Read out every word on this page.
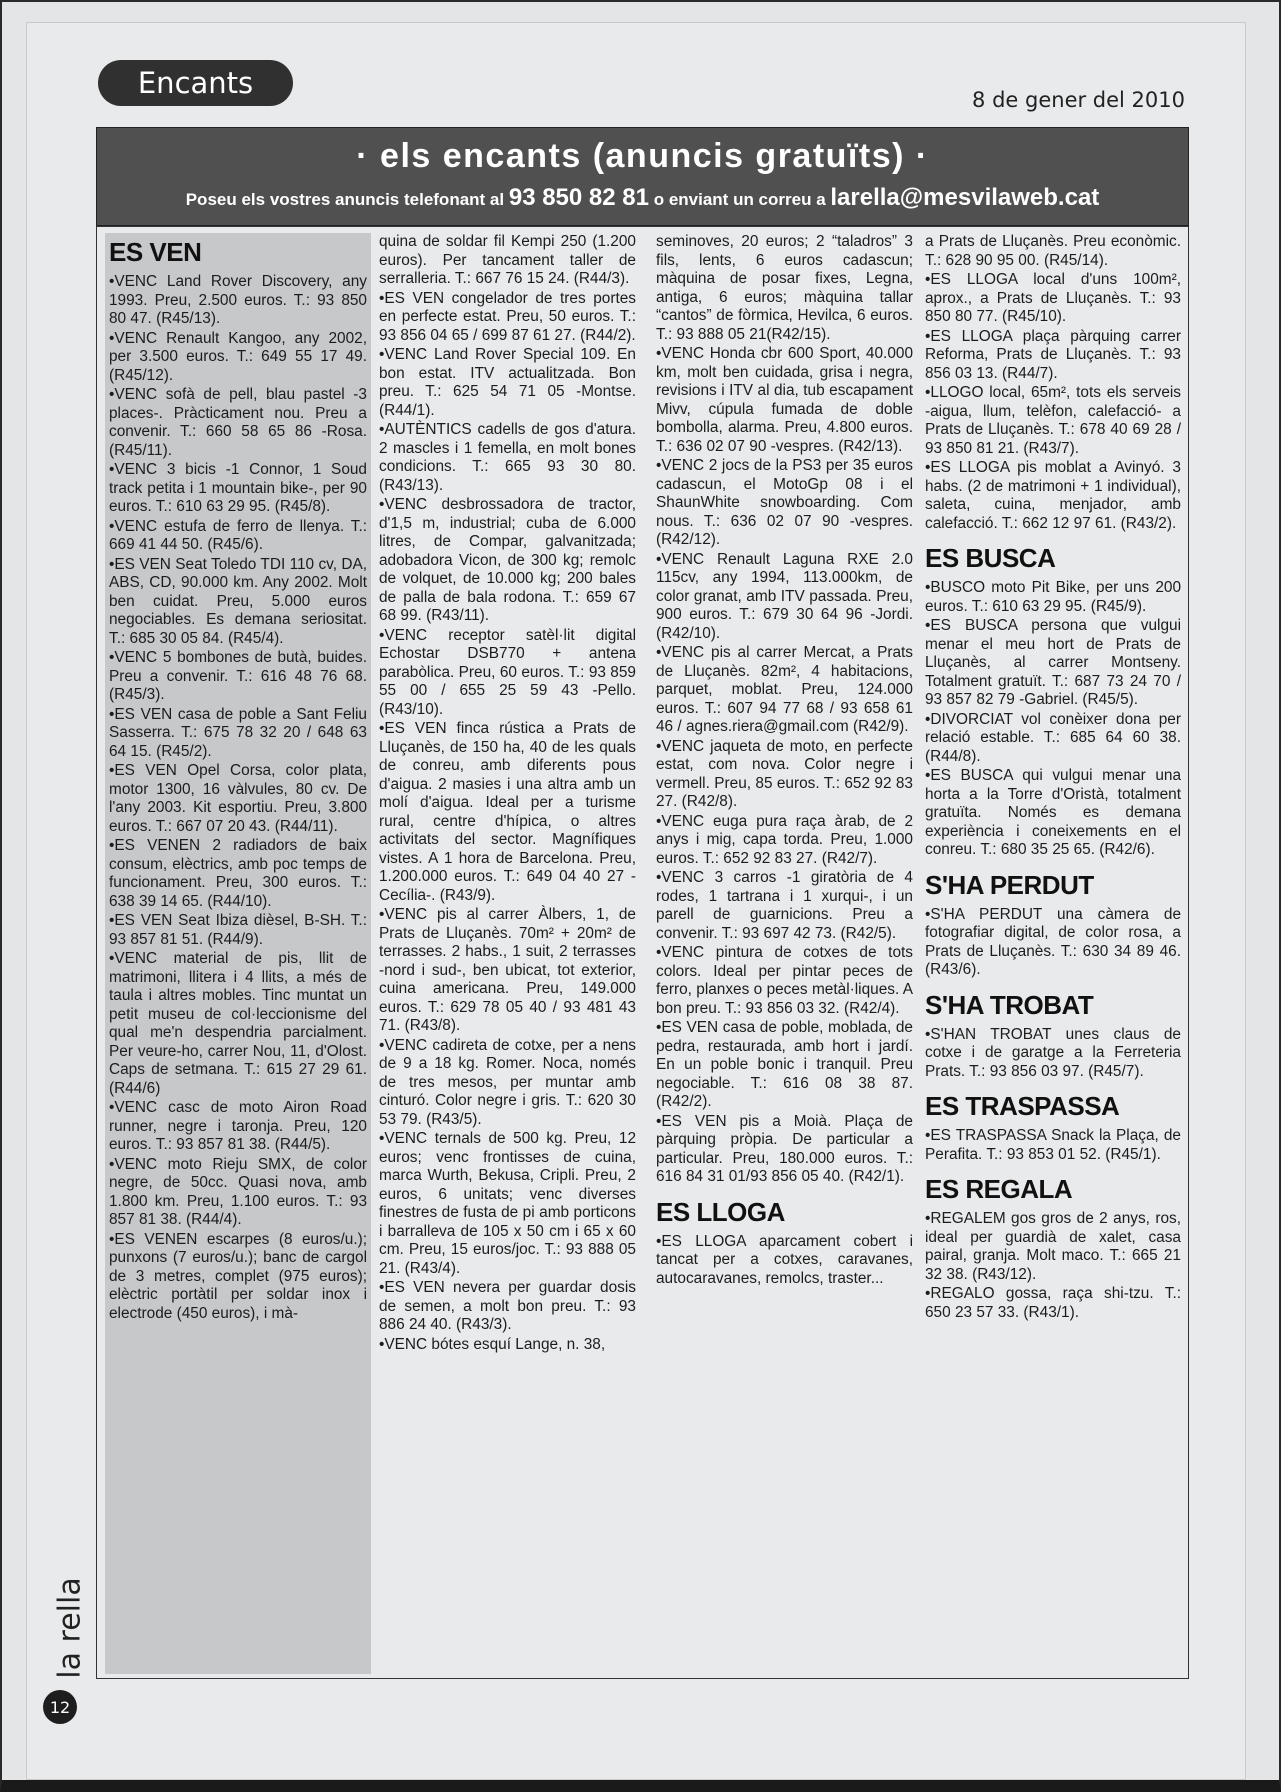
Encants	8 de gener del 2010
· els encants (anuncis gratuïts) ·
Poseu els vostres anuncis telefonant al 93 850 82 81 o enviant un correu a larella@mesvilaweb.cat
ES VEN

•VENC Land Rover Discovery, any 1993. Preu, 2.500 euros. T.: 93 850 80 47. (R45/13).

•VENC Renault Kangoo, any 2002, per 3.500 euros. T.: 649 55 17 49. (R45/12).

•VENC sofà de pell, blau pastel -3 places-. Pràcticament nou. Preu a convenir. T.: 660 58 65 86 -Rosa. (R45/11).

•VENC 3 bicis -1 Connor, 1 Soud track petita i 1 mountain bike-, per 90 euros. T.: 610 63 29 95. (R45/8).

•VENC estufa de ferro de llenya. T.: 669 41 44 50. (R45/6).

•ES VEN Seat Toledo TDI 110 cv, DA, ABS, CD, 90.000 km. Any 2002. Molt ben cuidat. Preu, 5.000 euros negociables. Es demana seriositat. T.: 685 30 05 84. (R45/4).

•VENC 5 bombones de butà, buides. Preu a convenir. T.: 616 48 76 68. (R45/3).

•ES VEN casa de poble a Sant Feliu Sasserra. T.: 675 78 32 20 / 648 63 64 15. (R45/2).

•ES VEN Opel Corsa, color plata, motor 1300, 16 vàlvules, 80 cv. De l'any 2003. Kit esportiu. Preu, 3.800 euros. T.: 667 07 20 43. (R44/11).

•ES VENEN 2 radiadors de baix consum, elèctrics, amb poc temps de funcionament. Preu, 300 euros. T.: 638 39 14 65. (R44/10).

•ES VEN Seat Ibiza dièsel, B-SH. T.: 93 857 81 51. (R44/9).

•VENC material de pis, llit de matrimoni, llitera i 4 llits, a més de taula i altres mobles. Tinc muntat un petit museu de col·leccionisme del qual me'n despendria parcialment. Per veure-ho, carrer Nou, 11, d'Olost. Caps de setmana. T.: 615 27 29 61. (R44/6)

•VENC casc de moto Airon Road runner, negre i taronja. Preu, 120 euros. T.: 93 857 81 38. (R44/5).

•VENC moto Rieju SMX, de color negre, de 50cc. Quasi nova, amb 1.800 km. Preu, 1.100 euros. T.: 93 857 81 38. (R44/4).

•ES VENEN escarpes (8 euros/u.); punxons (7 euros/u.); banc de cargol de 3 metres, complet (975 euros); elèctric portàtil per soldar inox i electrode (450 euros), i mà-

quina de soldar fil Kempi 250 (1.200 euros). Per tancament taller de serralleria. T.: 667 76 15 24. (R44/3).

•ES VEN congelador de tres portes en perfecte estat. Preu, 50 euros. T.: 93 856 04 65 / 699 87 61 27. (R44/2).

•VENC Land Rover Special 109. En bon estat. ITV actualitzada. Bon preu. T.: 625 54 71 05 -Montse. (R44/1).

•AUTÈNTICS cadells de gos d'atura. 2 mascles i 1 femella, en molt bones condicions. T.: 665 93 30 80. (R43/13).

•VENC desbrossadora de tractor, d'1,5 m, industrial; cuba de 6.000 litres, de Compar, galvanitzada; adobadora Vicon, de 300 kg; remolc de volquet, de 10.000 kg; 200 bales de palla de bala rodona. T.: 659 67 68 99. (R43/11).

•VENC receptor satèl·lit digital Echostar DSB770 + antena parabòlica. Preu, 60 euros. T.: 93 859 55 00 / 655 25 59 43 -Pello. (R43/10).

•ES VEN finca rústica a Prats de Lluçanès, de 150 ha, 40 de les quals de conreu, amb diferents pous d'aigua. 2 masies i una altra amb un molí d'aigua. Ideal per a turisme rural, centre d'hípica, o altres activitats del sector. Magnífiques vistes. A 1 hora de Barcelona. Preu, 1.200.000 euros. T.: 649 04 40 27 -Cecília-. (R43/9).

•VENC pis al carrer Àlbers, 1, de Prats de Lluçanès. 70m² + 20m² de terrasses. 2 habs., 1 suit, 2 terrasses -nord i sud-, ben ubicat, tot exterior, cuina americana. Preu, 149.000 euros. T.: 629 78 05 40 / 93 481 43 71. (R43/8).

•VENC cadireta de cotxe, per a nens de 9 a 18 kg. Romer. Noca, només de tres mesos, per muntar amb cinturó. Color negre i gris. T.: 620 30 53 79. (R43/5).

•VENC ternals de 500 kg. Preu, 12 euros; venc frontisses de cuina, marca Wurth, Bekusa, Cripli. Preu, 2 euros, 6 unitats; venc diverses finestres de fusta de pi amb porticons i barralleva de 105 x 50 cm i 65 x 60 cm. Preu, 15 euros/joc. T.: 93 888 05 21. (R43/4).

•ES VEN nevera per guardar dosis de semen, a molt bon preu. T.: 93 886 24 40. (R43/3).

•VENC bótes esquí Lange, n. 38,

seminoves, 20 euros; 2 “taladros” 3 fils, lents, 6 euros cadascun; màquina de posar fixes, Legna, antiga, 6 euros; màquina tallar “cantos” de fòrmica, Hevilca, 6 euros. T.: 93 888 05 21(R42/15).

•VENC Honda cbr 600 Sport, 40.000 km, molt ben cuidada, grisa i negra, revisions i ITV al dia, tub escapament Mivv, cúpula fumada de doble bombolla, alarma. Preu, 4.800 euros. T.: 636 02 07 90 -vespres. (R42/13).

•VENC 2 jocs de la PS3 per 35 euros cadascun, el MotoGp 08 i el ShaunWhite snowboarding. Com nous. T.: 636 02 07 90 -vespres. (R42/12).

•VENC Renault Laguna RXE 2.0 115cv, any 1994, 113.000km, de color granat, amb ITV passada. Preu, 900 euros. T.: 679 30 64 96 -Jordi. (R42/10).

•VENC pis al carrer Mercat, a Prats de Lluçanès. 82m², 4 habitacions, parquet, moblat. Preu, 124.000 euros. T.: 607 94 77 68 / 93 658 61 46 / agnes.riera@gmail.com (R42/9).

•VENC jaqueta de moto, en perfecte estat, com nova. Color negre i vermell. Preu, 85 euros. T.: 652 92 83 27. (R42/8).

•VENC euga pura raça àrab, de 2 anys i mig, capa torda. Preu, 1.000 euros. T.: 652 92 83 27. (R42/7).

•VENC 3 carros -1 giratòria de 4 rodes, 1 tartrana i 1 xurqui-, i un parell de guarnicions. Preu a convenir. T.: 93 697 42 73. (R42/5).

•VENC pintura de cotxes de tots colors. Ideal per pintar peces de ferro, planxes o peces metàl·liques. A bon preu. T.: 93 856 03 32. (R42/4).

•ES VEN casa de poble, moblada, de pedra, restaurada, amb hort i jardí. En un poble bonic i tranquil. Preu negociable. T.: 616 08 38 87. (R42/2).

•ES VEN pis a Moià. Plaça de pàrquing pròpia. De particular a particular. Preu, 180.000 euros. T.: 616 84 31 01/93 856 05 40. (R42/1).

ES LLOGA

•ES LLOGA aparcament cobert i tancat per a cotxes, caravanes, autocaravanes, remolcs, traster...

a Prats de Lluçanès. Preu econòmic. T.: 628 90 95 00. (R45/14).

•ES LLOGA local d'uns 100m², aprox., a Prats de Lluçanès. T.: 93 850 80 77. (R45/10).

•ES LLOGA plaça pàrquing carrer Reforma, Prats de Lluçanès. T.: 93 856 03 13. (R44/7).

•LLOGO local, 65m², tots els serveis -aigua, llum, telèfon, calefacció- a Prats de Lluçanès. T.: 678 40 69 28 / 93 850 81 21. (R43/7).

•ES LLOGA pis moblat a Avinyó. 3 habs. (2 de matrimoni + 1 individual), saleta, cuina, menjador, amb calefacció. T.: 662 12 97 61. (R43/2).

ES BUSCA

•BUSCO moto Pit Bike, per uns 200 euros. T.: 610 63 29 95. (R45/9).

•ES BUSCA persona que vulgui menar el meu hort de Prats de Lluçanès, al carrer Montseny. Totalment gratuït. T.: 687 73 24 70 / 93 857 82 79 -Gabriel. (R45/5).

•DIVORCIAT vol conèixer dona per relació estable. T.: 685 64 60 38. (R44/8).

•ES BUSCA qui vulgui menar una horta a la Torre d'Oristà, totalment gratuïta. Només es demana experiència i coneixements en el conreu. T.: 680 35 25 65. (R42/6).

S'HA PERDUT

•S'HA PERDUT una càmera de fotografiar digital, de color rosa, a Prats de Lluçanès. T.: 630 34 89 46. (R43/6).

S'HA TROBAT

•S'HAN TROBAT unes claus de cotxe i de garatge a la Ferreteria Prats. T.: 93 856 03 97. (R45/7).

ES TRASPASSA

•ES TRASPASSA Snack la Plaça, de Perafita. T.: 93 853 01 52. (R45/1).

ES REGALA

•REGALEM gos gros de 2 anys, ros, ideal per guardià de xalet, casa pairal, granja. Molt maco. T.: 665 21 32 38. (R43/12).

•REGALO gossa, raça shi-tzu. T.: 650 23 57 33. (R43/1).

la rella
12
